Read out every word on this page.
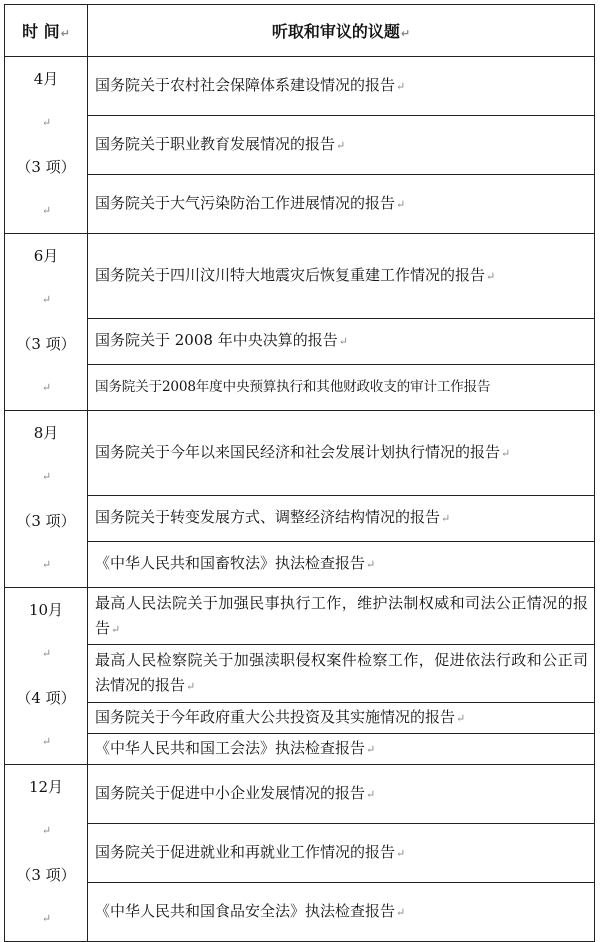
时 间↵	听取和审议的议题↵

4月
↵
（3 项）
↵	国务院关于农村社会保障体系建设情况的报告↵
	国务院关于职业教育发展情况的报告↵
	国务院关于大气污染防治工作进展情况的报告↵

6月
↵
（3 项）
↵	国务院关于四川汶川特大地震灾后恢复重建工作情况的报告↵
	国务院关于 2008 年中央决算的报告↵
	国务院关于2008年度中央预算执行和其他财政收支的审计工作报告

8月
↵
（3 项）
↵	国务院关于今年以来国民经济和社会发展计划执行情况的报告↵
	国务院关于转变发展方式、调整经济结构情况的报告↵
	《中华人民共和国畜牧法》执法检查报告↵

10月
↵
（4 项）
↵	最高人民法院关于加强民事执行工作，维护法制权威和司法公正情况的报告↵
	最高人民检察院关于加强渎职侵权案件检察工作，促进依法行政和公正司法情况的报告↵
	国务院关于今年政府重大公共投资及其实施情况的报告↵
	《中华人民共和国工会法》执法检查报告↵

12月
↵
（3 项）
↵	国务院关于促进中小企业发展情况的报告↵
	国务院关于促进就业和再就业工作情况的报告↵
	《中华人民共和国食品安全法》执法检查报告↵
